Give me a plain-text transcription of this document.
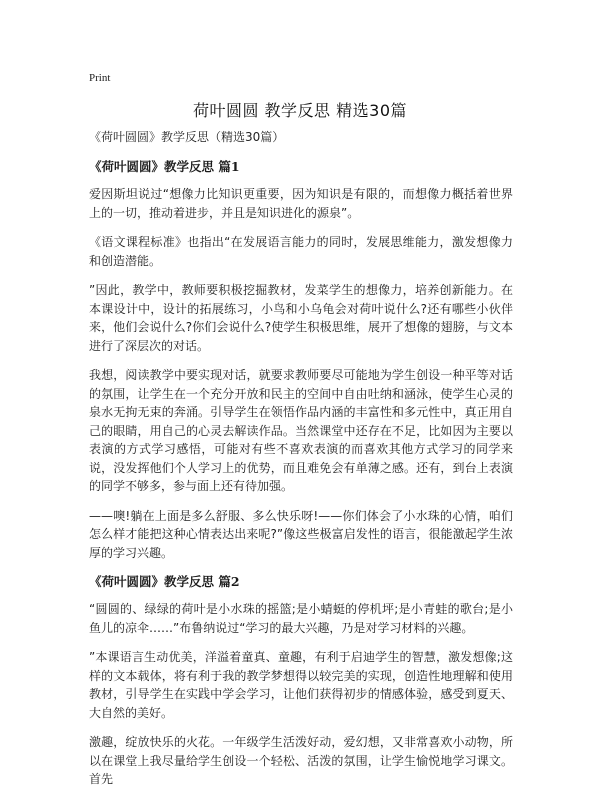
Print
荷叶圆圆 教学反思 精选30篇

《荷叶圆圆》教学反思（精选30篇）

《荷叶圆圆》教学反思 篇1

爱因斯坦说过“想像力比知识更重要，因为知识是有限的，而想像力概括着世界上的一切，推动着进步，并且是知识进化的源泉”。

《语文课程标准》也指出“在发展语言能力的同时，发展思维能力，激发想像力和创造潜能。

”因此，教学中，教师要积极挖掘教材，发菜学生的想像力，培养创新能力。在本课设计中，设计的拓展练习，小鸟和小乌龟会对荷叶说什么?还有哪些小伙伴来，他们会说什么?你们会说什么?使学生积极思维，展开了想像的翅膀，与文本进行了深层次的对话。

我想，阅读教学中要实现对话，就要求教师要尽可能地为学生创设一种平等对话的氛围，让学生在一个充分开放和民主的空间中自由吐纳和涵泳，使学生心灵的泉水无拘无束的奔涌。引导学生在领悟作品内涵的丰富性和多元性中，真正用自己的眼睛，用自己的心灵去解读作品。当然课堂中还存在不足，比如因为主要以表演的方式学习感悟，可能对有些不喜欢表演的而喜欢其他方式学习的同学来说，没发挥他们个人学习上的优势，而且难免会有单薄之感。还有，到台上表演的同学不够多，参与面上还有待加强。

——噢!躺在上面是多么舒服、多么快乐呀!——你们体会了小水珠的心情，咱们怎么样才能把这种心情表达出来呢?”像这些极富启发性的语言，很能激起学生浓厚的学习兴趣。

《荷叶圆圆》教学反思 篇2

“圆圆的、绿绿的荷叶是小水珠的摇篮;是小蜻蜓的停机坪;是小青蛙的歌台;是小鱼儿的凉伞……”布鲁纳说过“学习的最大兴趣，乃是对学习材料的兴趣。

”本课语言生动优美，洋溢着童真、童趣，有利于启迪学生的智慧，激发想像;这样的文本载体，将有利于我的教学梦想得以较完美的实现，创造性地理解和使用教材，引导学生在实践中学会学习，让他们获得初步的情感体验，感受到夏天、大自然的美好。

激趣，绽放快乐的火花。一年级学生活泼好动，爱幻想，又非常喜欢小动物，所以在课堂上我尽量给学生创设一个轻松、活泼的氛围，让学生愉悦地学习课文。首先
